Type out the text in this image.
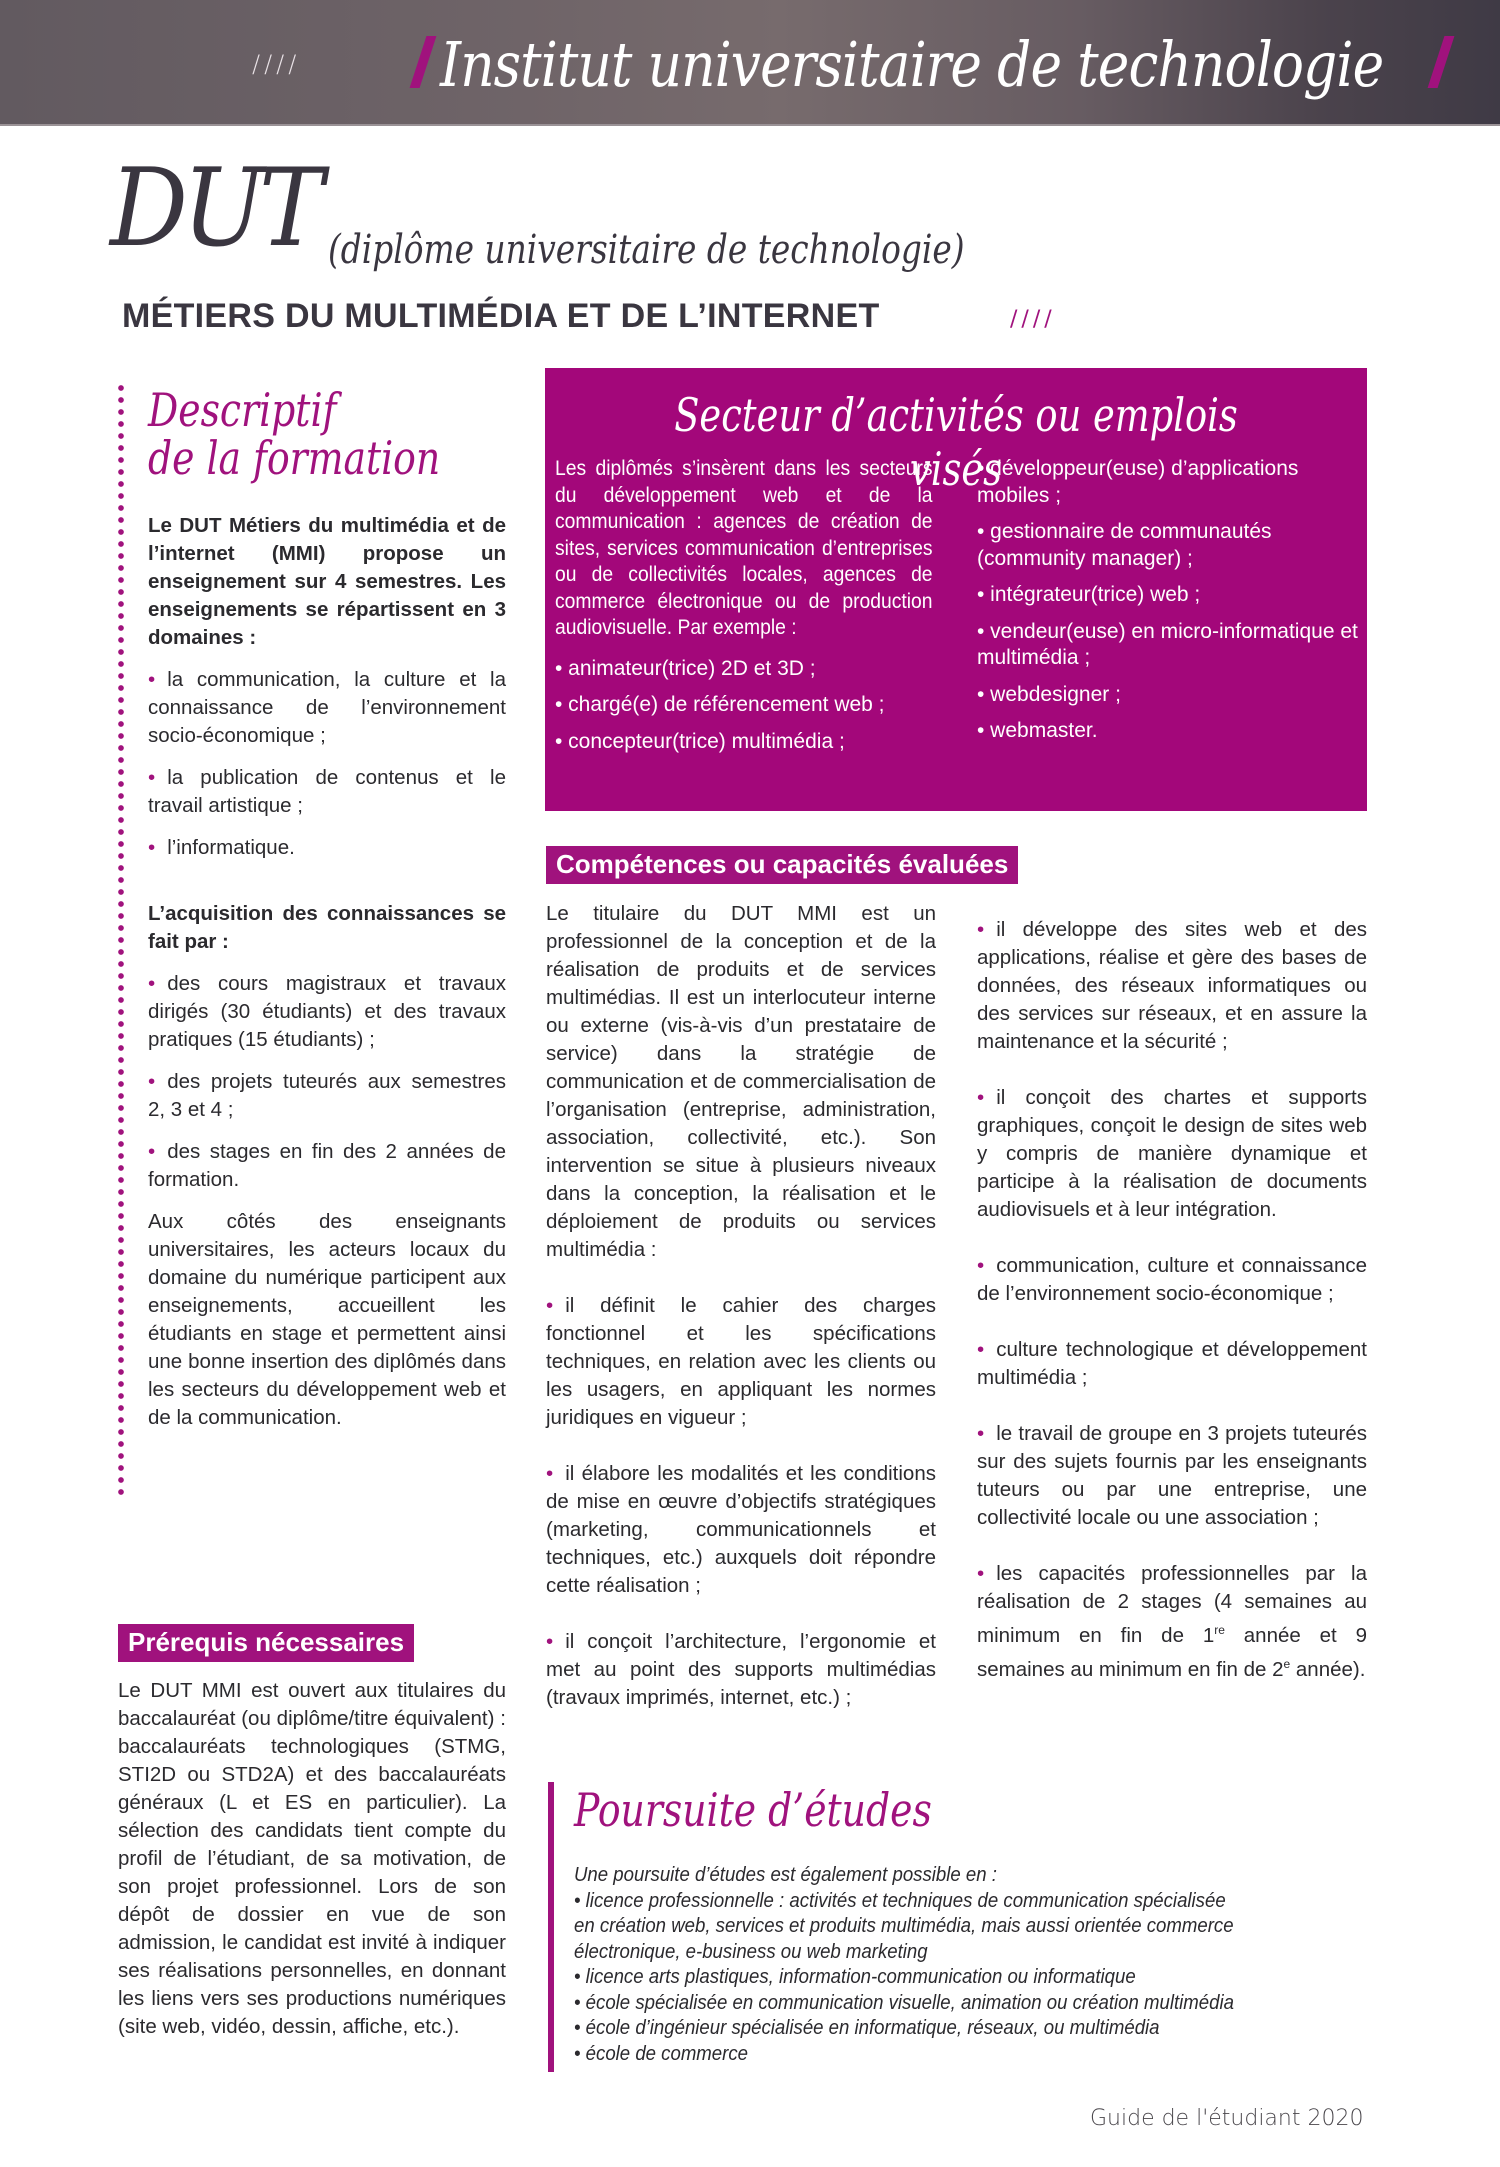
//// Institut universitaire de technologie
DUT (diplôme universitaire de technologie)
MÉTIERS DU MULTIMÉDIA ET DE L’INTERNET	////
Descriptif
de la formation

Le DUT Métiers du multimédia et de l’internet (MMI) propose un enseignement sur 4 semestres. Les enseignements se répartissent en 3 domaines :

• la communication, la culture et la connaissance de l’environnement socio-économique ;
• la publication de contenus et le travail artistique ;
• l’informatique.

L’acquisition des connaissances se fait par :

• des cours magistraux et travaux dirigés (30 étudiants) et des travaux pratiques (15 étudiants) ;
• des projets tuteurés aux semestres 2, 3 et 4 ;
• des stages en fin des 2 années de formation.

Aux côtés des enseignants universitaires, les acteurs locaux du domaine du numérique participent aux enseignements, accueillent les étudiants en stage et permettent ainsi une bonne insertion des diplômés dans les secteurs du développement web et de la communication.

Prérequis nécessaires

Le DUT MMI est ouvert aux titulaires du baccalauréat (ou diplôme/titre équivalent) : baccalauréats technologiques (STMG, STI2D ou STD2A) et des baccalauréats généraux (L et ES en particulier). La sélection des candidats tient compte du profil de l’étudiant, de sa motivation, de son projet professionnel. Lors de son dépôt de dossier en vue de son admission, le candidat est invité à indiquer ses réalisations personnelles, en donnant les liens vers ses productions numériques (site web, vidéo, dessin, affiche, etc.).

Secteur d’activités ou emplois visés

Les diplômés s’insèrent dans les secteurs du développement web et de la communication : agences de création de sites, services communication d’entreprises ou de collectivités locales, agences de commerce électronique ou de production audiovisuelle. Par exemple :

• animateur(trice) 2D et 3D ;
• chargé(e) de référencement web ;
• concepteur(trice) multimédia ;
• développeur(euse) d’applications mobiles ;
• gestionnaire de communautés (community manager) ;
• intégrateur(trice) web ;
• vendeur(euse) en micro-informatique et multimédia ;
• webdesigner ;
• webmaster.
Compétences ou capacités évaluées

Le titulaire du DUT MMI est un professionnel de la conception et de la réalisation de produits et de services multimédias. Il est un interlocuteur interne ou externe (vis-à-vis d’un prestataire de service) dans la stratégie de communication et de commercialisation de l’organisation (entreprise, administration, association, collectivité, etc.). Son intervention se situe à plusieurs niveaux dans la conception, la réalisation et le déploiement de produits ou services multimédia :

• il définit le cahier des charges fonctionnel et les spécifications techniques, en relation avec les clients ou les usagers, en appliquant les normes juridiques en vigueur ;

• il élabore les modalités et les conditions de mise en œuvre d’objectifs stratégiques (marketing, communicationnels et techniques, etc.) auxquels doit répondre cette réalisation ;

• il conçoit l’architecture, l’ergonomie et met au point des supports multimédias (travaux imprimés, internet, etc.) ;

• il développe des sites web et des applications, réalise et gère des bases de données, des réseaux informatiques ou des services sur réseaux, et en assure la maintenance et la sécurité ;

• il conçoit des chartes et supports graphiques, conçoit le design de sites web y compris de manière dynamique et participe à la réalisation de documents audiovisuels et à leur intégration.

• communication, culture et connaissance de l’environnement socio-économique ;

• culture technologique et développement multimédia ;

• le travail de groupe en 3 projets tuteurés sur des sujets fournis par les enseignants tuteurs ou par une entreprise, une collectivité locale ou une association ;

• les capacités professionnelles par la réalisation de 2 stages (4 semaines au minimum en fin de 1re année et 9 semaines au minimum en fin de 2e année).

Poursuite d’études
Une poursuite d’études est également possible en :
• licence professionnelle : activités et techniques de communication spécialisée
en création web, services et produits multimédia, mais aussi orientée commerce
électronique, e-business ou web marketing
• licence arts plastiques, information-communication ou informatique
• école spécialisée en communication visuelle, animation ou création multimédia
• école d’ingénieur spécialisée en informatique, réseaux, ou multimédia
• école de commerce
Guide de l'étudiant 2020
